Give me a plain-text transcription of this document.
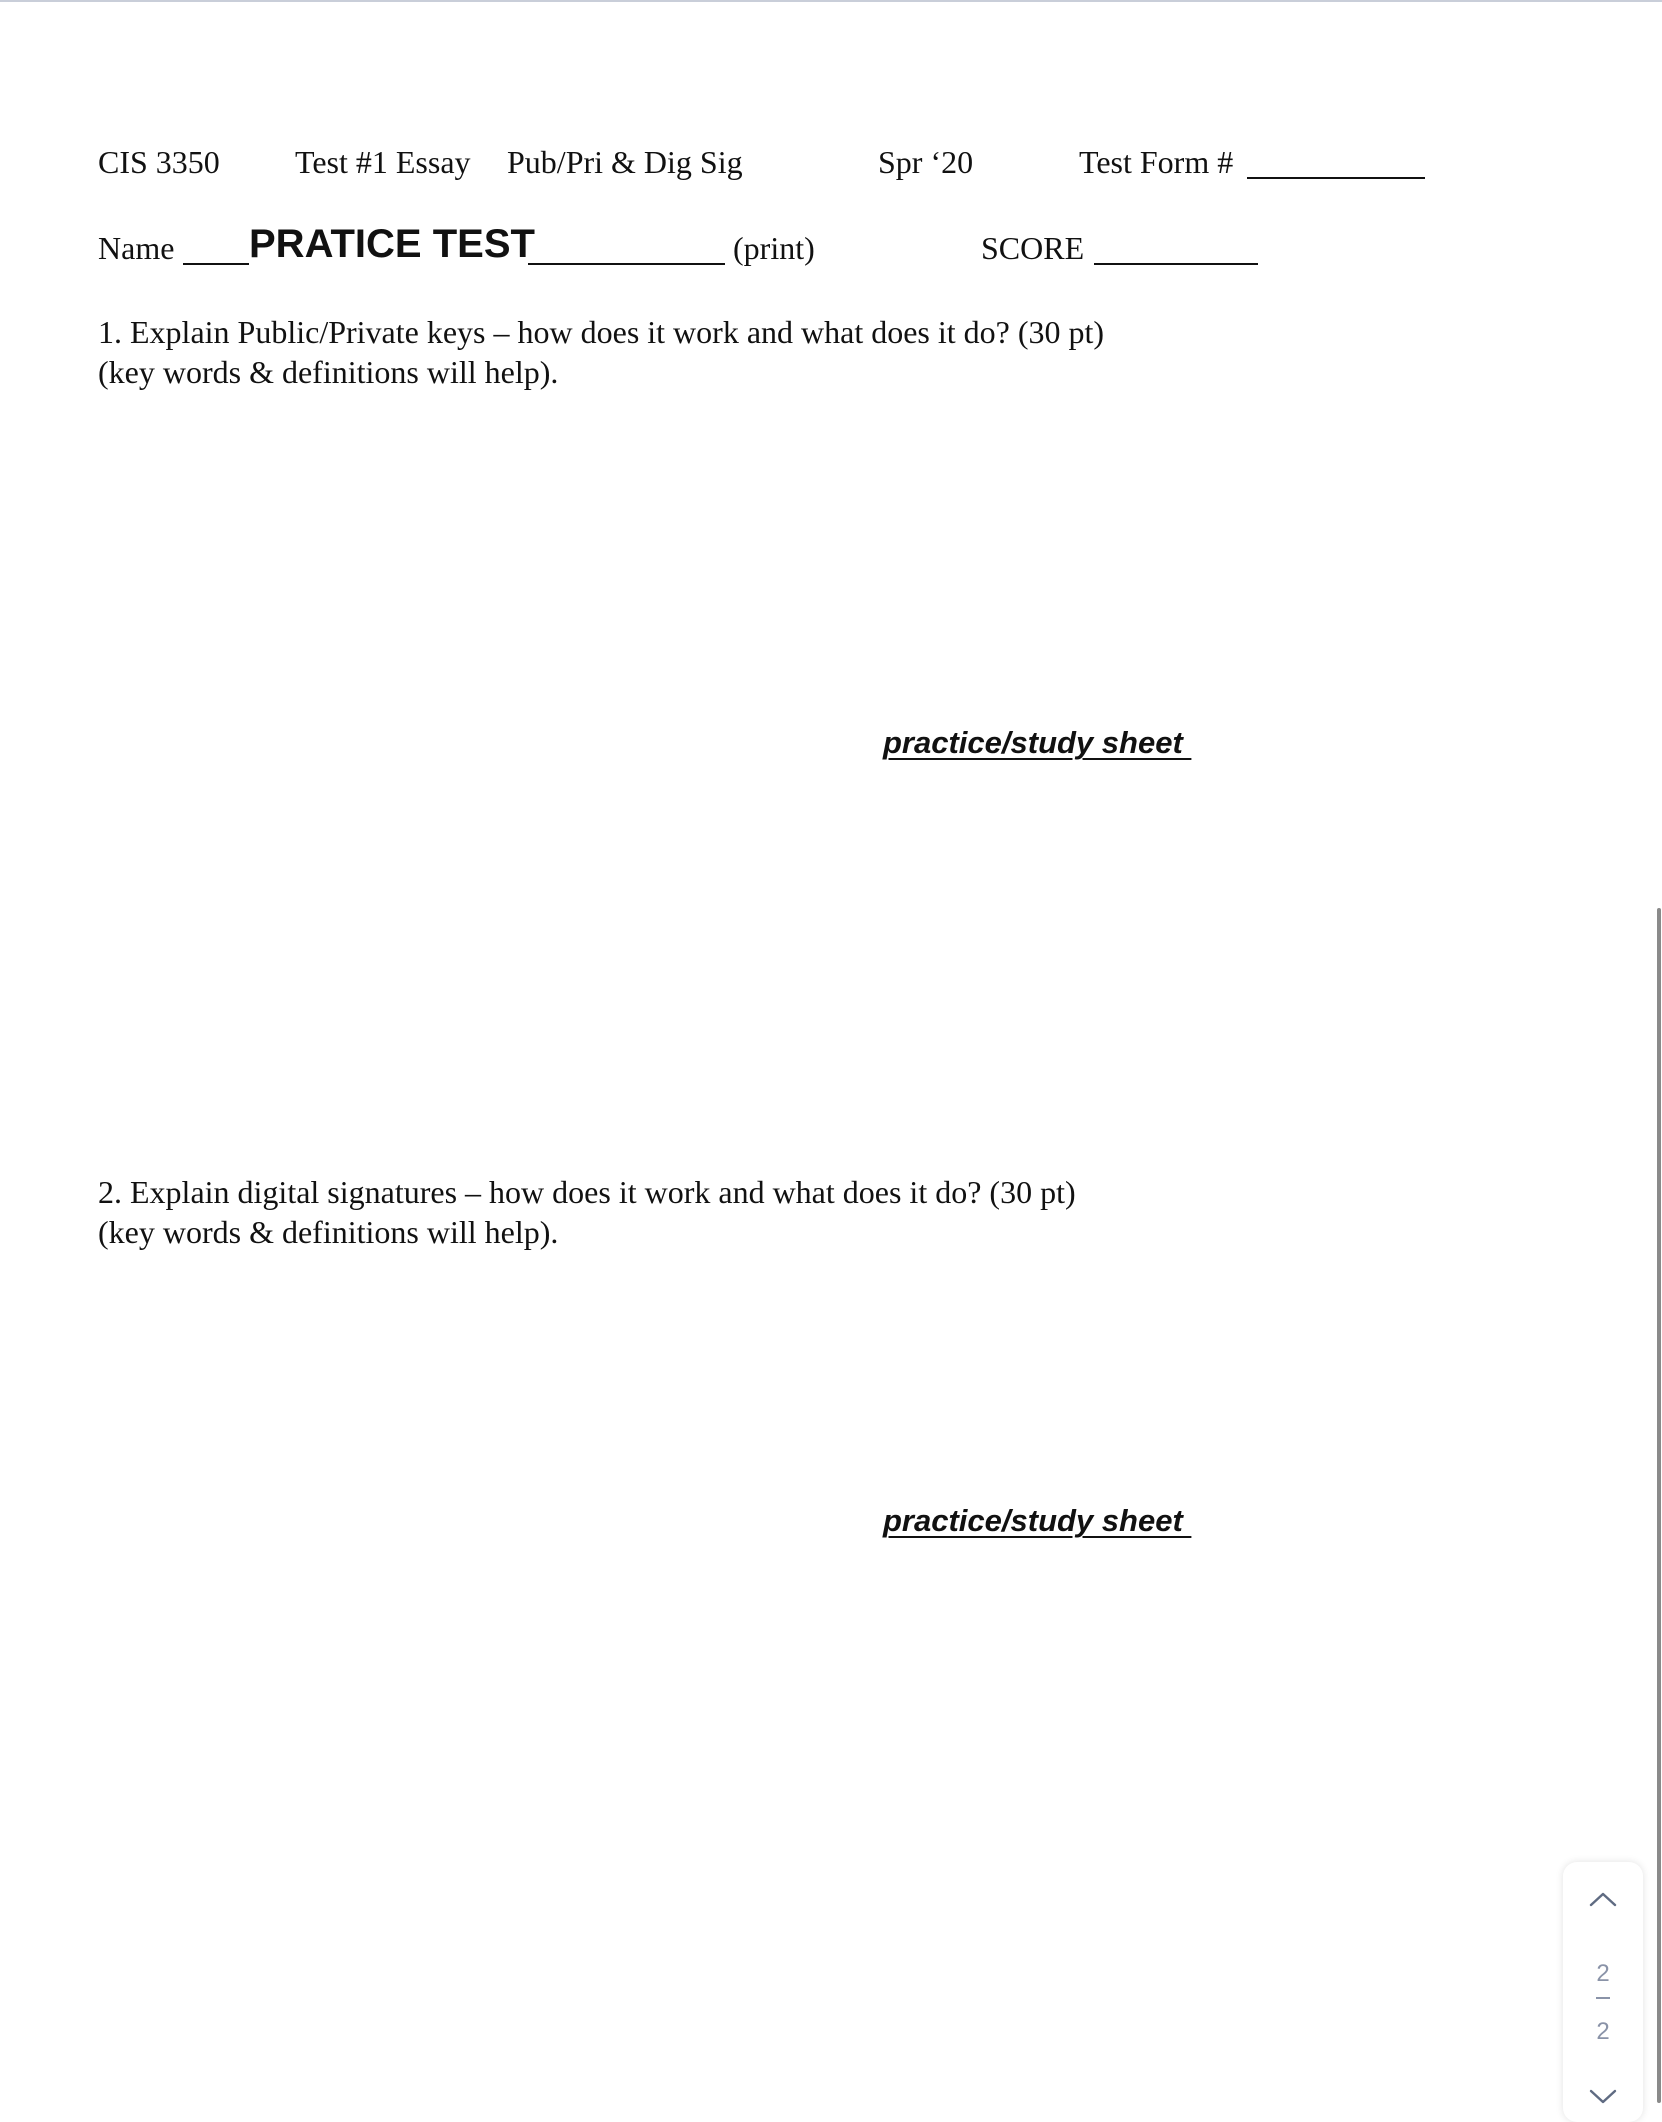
CIS 3350 Test #1 Essay Pub/Pri & Dig Sig	Spr ‘20	Test Form #
Name PRATICE TEST	(print)	SCORE
1. Explain Public/Private keys – how does it work and what does it do? (30 pt)
(key words & definitions will help).
practice/study sheet
2. Explain digital signatures – how does it work and what does it do? (30 pt)
(key words & definitions will help).
practice/study sheet
2
2
